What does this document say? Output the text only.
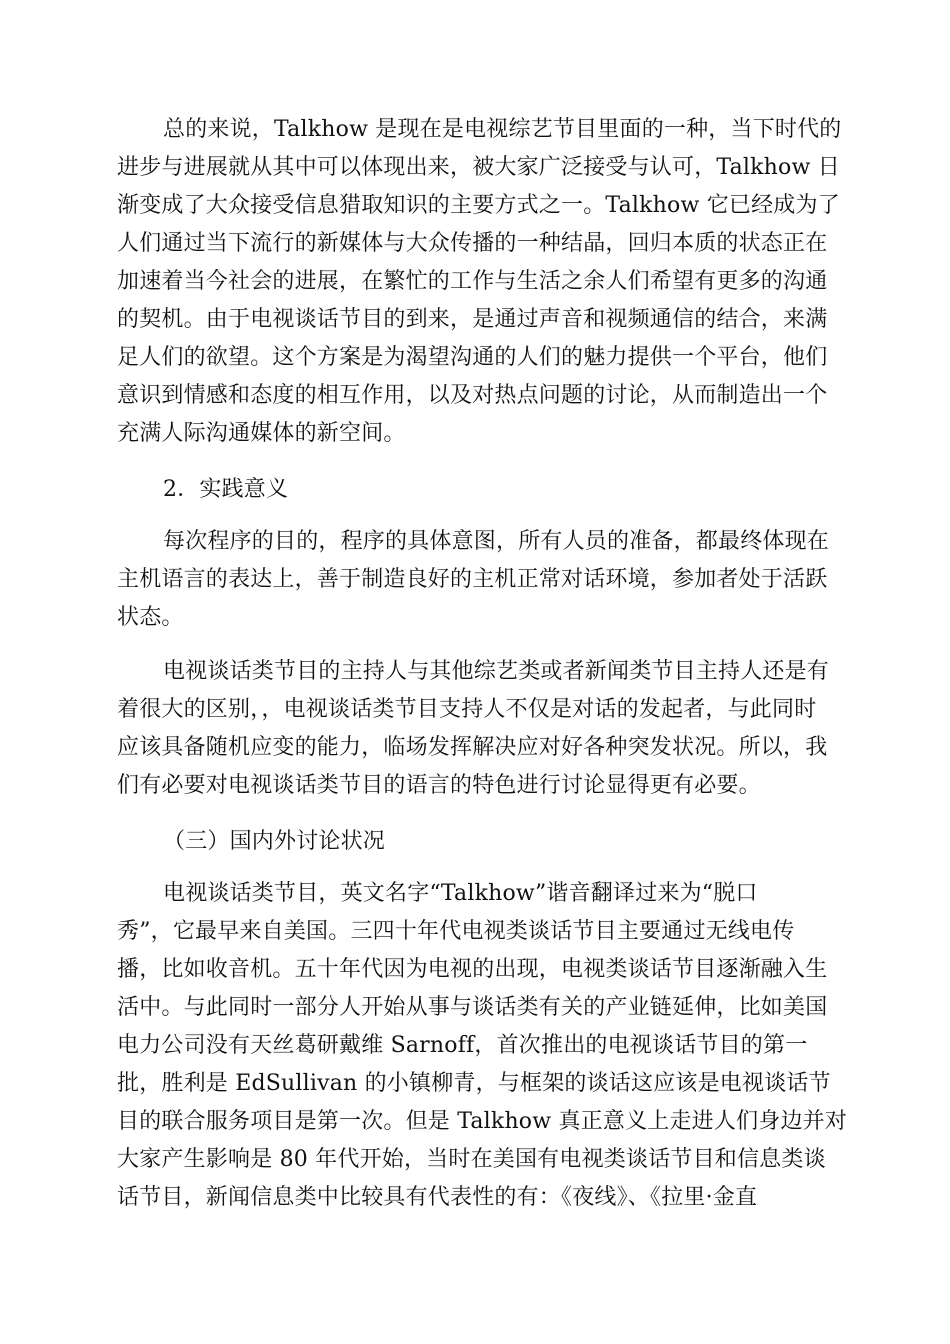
总的来说，Talkhow 是现在是电视综艺节目里面的一种，当下时代的
进步与进展就从其中可以体现出来，被大家广泛接受与认可，Talkhow 日
渐变成了大众接受信息猎取知识的主要方式之一。Talkhow 它已经成为了
人们通过当下流行的新媒体与大众传播的一种结晶，回归本质的状态正在
加速着当今社会的进展，在繁忙的工作与生活之余人们希望有更多的沟通
的契机。由于电视谈话节目的到来，是通过声音和视频通信的结合，来满
足人们的欲望。这个方案是为渴望沟通的人们的魅力提供一个平台，他们
意识到情感和态度的相互作用，以及对热点问题的讨论，从而制造出一个
充满人际沟通媒体的新空间。
2．实践意义
每次程序的目的，程序的具体意图，所有人员的准备，都最终体现在
主机语言的表达上，善于制造良好的主机正常对话环境，参加者处于活跃
状态。
电视谈话类节目的主持人与其他综艺类或者新闻类节目主持人还是有
着很大的区别，，电视谈话类节目支持人不仅是对话的发起者，与此同时
应该具备随机应变的能力，临场发挥解决应对好各种突发状况。所以，我
们有必要对电视谈话类节目的语言的特色进行讨论显得更有必要。
（三）国内外讨论状况
电视谈话类节目，英文名字“Talkhow”谐音翻译过来为“脱口
秀”，它最早来自美国。三四十年代电视类谈话节目主要通过无线电传
播，比如收音机。五十年代因为电视的出现，电视类谈话节目逐渐融入生
活中。与此同时一部分人开始从事与谈话类有关的产业链延伸，比如美国
电力公司没有天丝葛研戴维 Sarnoff，首次推出的电视谈话节目的第一
批，胜利是 EdSullivan 的小镇柳青，与框架的谈话这应该是电视谈话节
目的联合服务项目是第一次。但是 Talkhow 真正意义上走进人们身边并对
大家产生影响是 80 年代开始，当时在美国有电视类谈话节目和信息类谈
话节目，新闻信息类中比较具有代表性的有：《夜线》、《拉里·金直
